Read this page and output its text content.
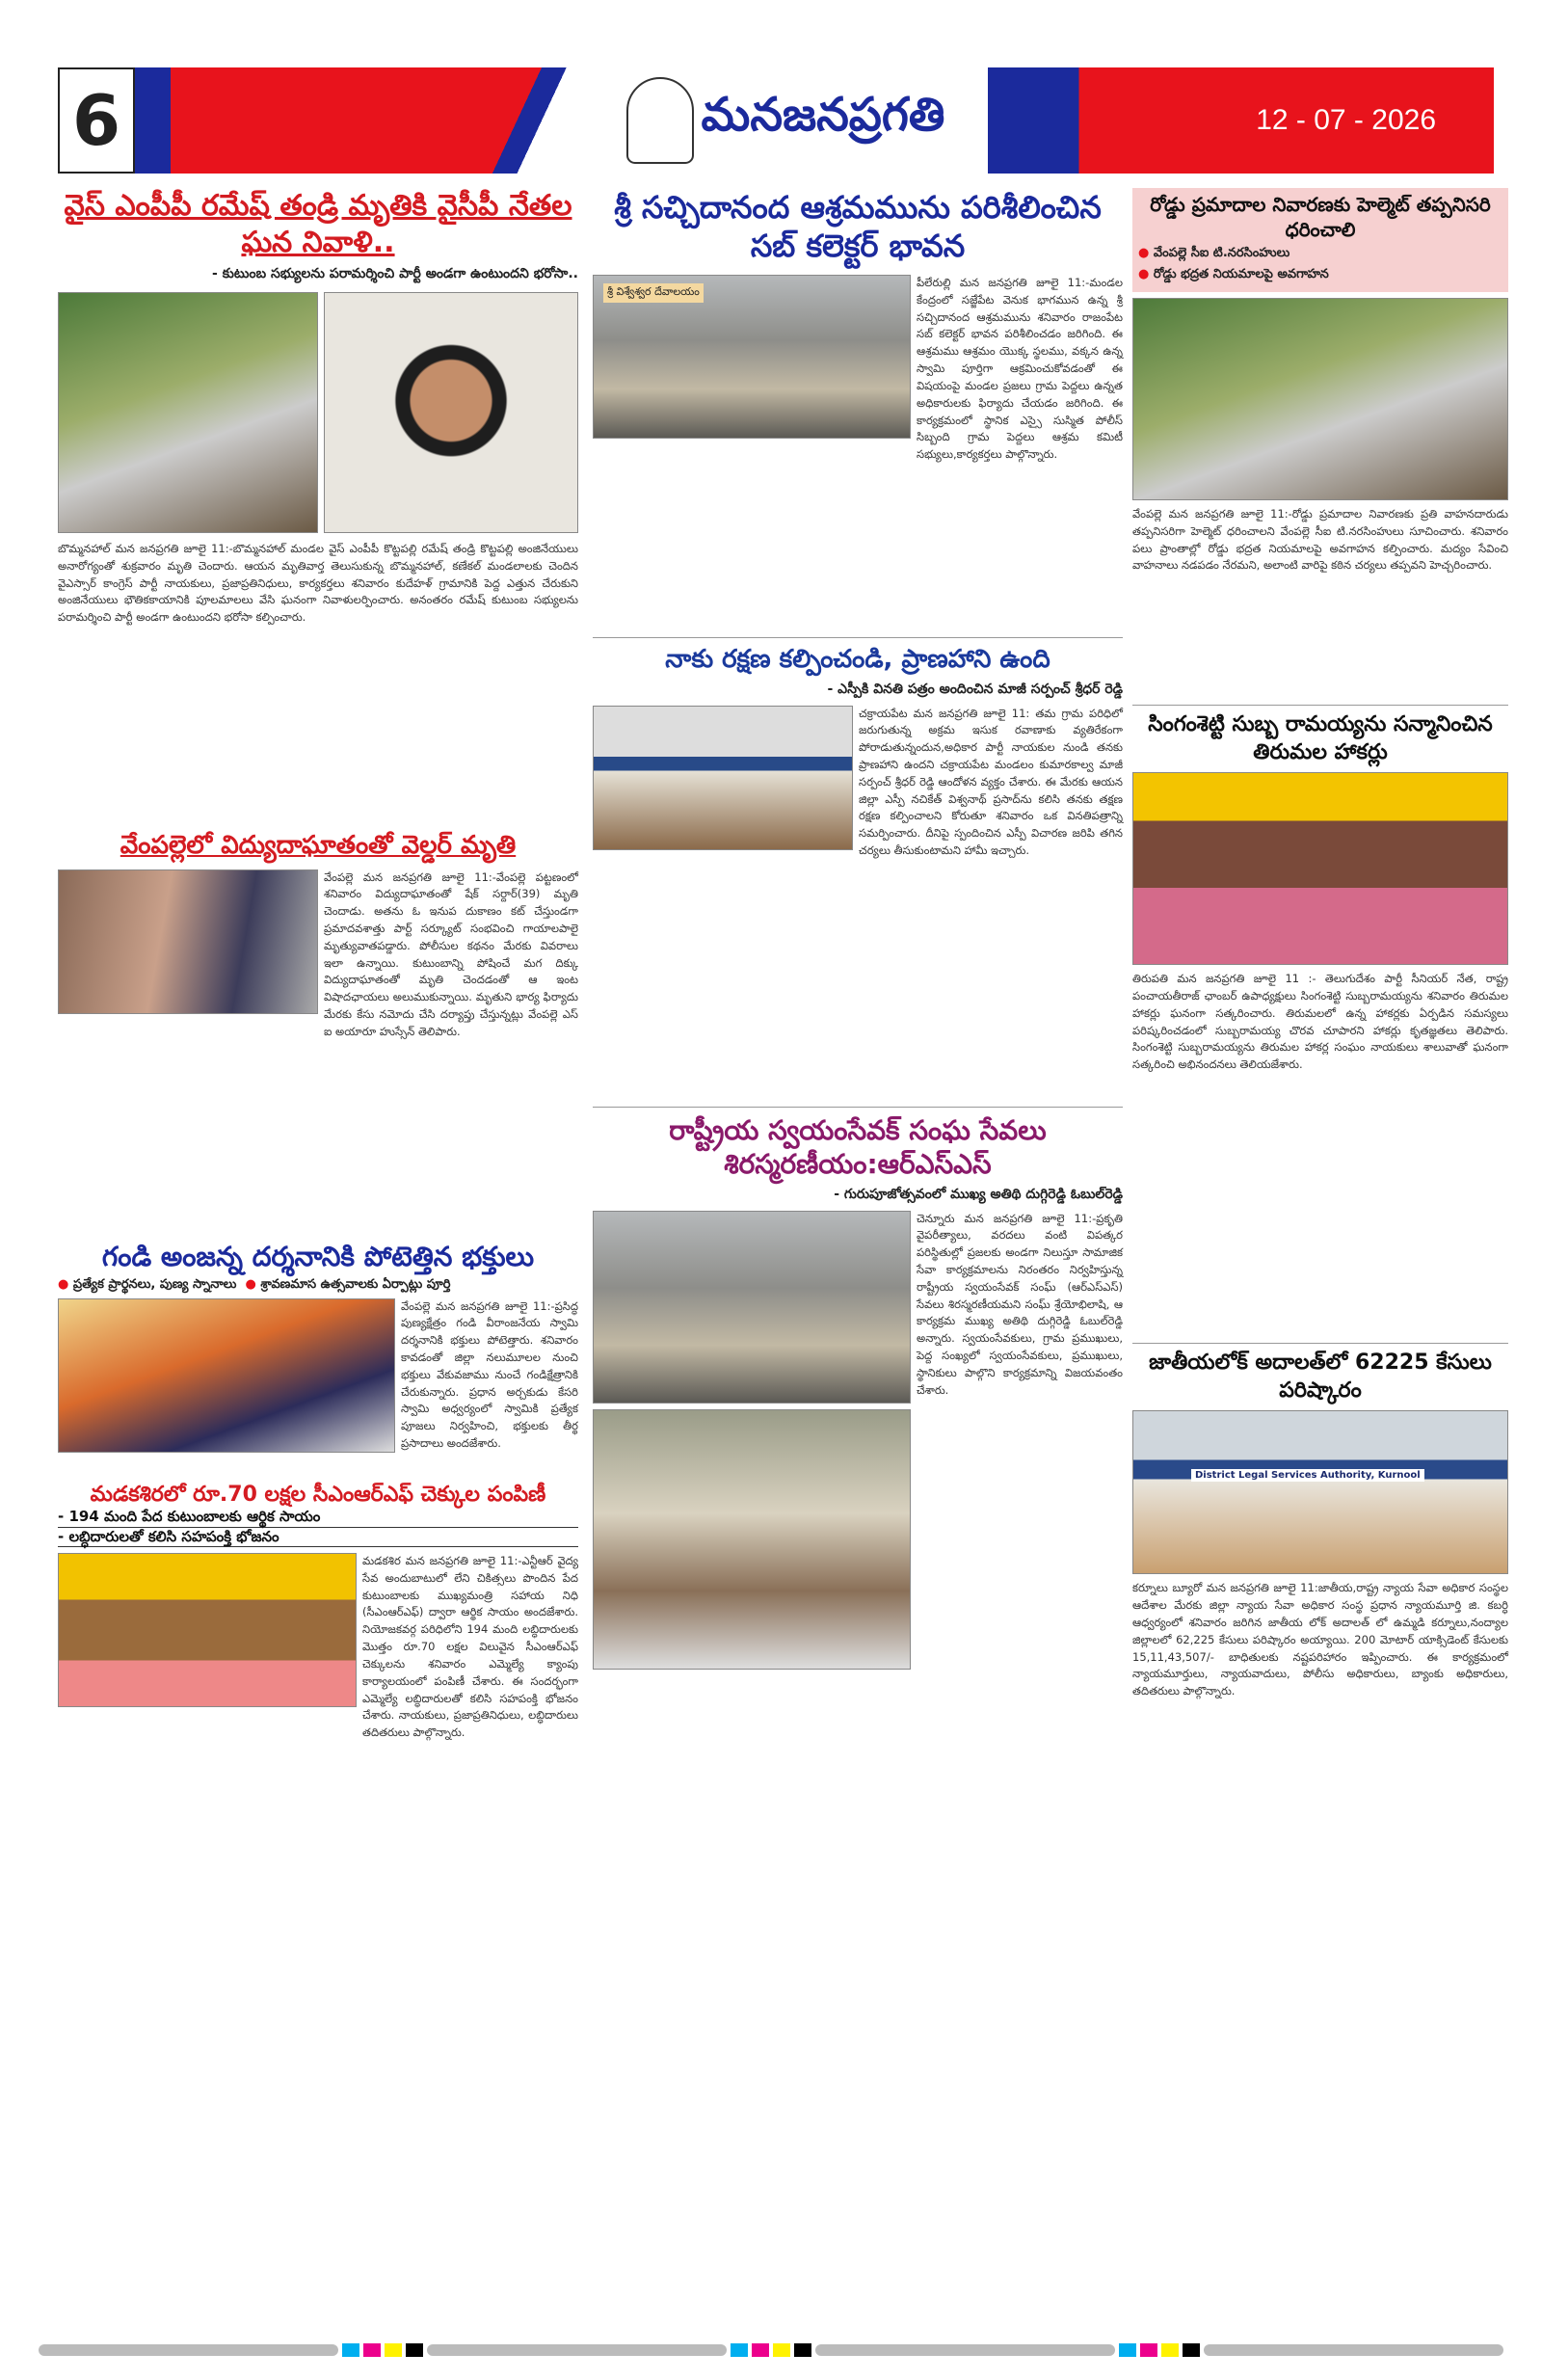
6	మనజనప్రగతి	12 - 07 - 2026
వైస్ ఎంపీపీ రమేష్ తండ్రి మృతికి వైసీపీ నేతల ఘన నివాళి..
- కుటుంబ సభ్యులను పరామర్శించి పార్టీ అండగా ఉంటుందని భరోసా..
బొమ్మనహాల్ మన జనప్రగతి జూలై 11:-బొమ్మనహాల్ మండల వైస్ ఎంపీపీ కొట్టపల్లి రమేష్ తండ్రి కొట్టపల్లి అంజినేయులు అనారోగ్యంతో శుక్రవారం మృతి చెందారు. ఆయన మృతివార్త తెలుసుకున్న బొమ్మనహాల్, కణేకల్ మండలాలకు చెందిన వైఎస్సార్ కాంగ్రెస్ పార్టీ నాయకులు, ప్రజాప్రతినిధులు, కార్యకర్తలు శనివారం కుదేహళ్ గ్రామానికి పెద్ద ఎత్తున చేరుకుని అంజినేయులు భౌతికకాయానికి పూలమాలలు వేసి ఘనంగా నివాళులర్పించారు. అనంతరం రమేష్ కుటుంబ సభ్యులను పరామర్శించి పార్టీ అండగా ఉంటుందని భరోసా కల్పించారు.
వేంపల్లెలో విద్యుదాఘాతంతో వెల్డర్ మృతి
వేంపల్లె మన జనప్రగతి జూలై 11:-వేంపల్లె పట్టణంలో శనివారం విద్యుదాఘాతంతో షేక్ సర్దార్(39) మృతి చెందాడు. అతను ఓ ఇనుప దుకాణం కట్ చేస్తుండగా ప్రమాదవశాత్తు పార్ట్ సర్క్యూట్ సంభవించి గాయాలపాలై మృత్యువాతపడ్డారు. పోలీసుల కథనం మేరకు వివరాలు ఇలా ఉన్నాయి. కుటుంబాన్ని పోషించే మగ దిక్కు విద్యుదాఘాతంతో మృతి చెందడంతో ఆ ఇంట విషాదఛాయలు అలుముకున్నాయి. మృతుని భార్య ఫిర్యాదు మేరకు కేసు నమోదు చేసి దర్యాప్తు చేస్తున్నట్లు వేంపల్లె ఎస్ ఐ అయారూ హుస్సేన్ తెలిపారు.
గండి అంజన్న దర్శనానికి పోటెత్తిన భక్తులు
● ప్రత్యేక ప్రార్థనలు, పుణ్య స్నానాలు ● శ్రావణమాస ఉత్సవాలకు ఏర్పాట్లు పూర్తి
వేంపల్లె మన జనప్రగతి జూలై 11:-ప్రసిద్ధ పుణ్యక్షేత్రం గండి వీరాంజనేయ స్వామి దర్శనానికి భక్తులు పోటెత్తారు. శనివారం కావడంతో జిల్లా నలుమూలల నుంచి భక్తులు వేకువజాము నుంచే గండిక్షేత్రానికి చేరుకున్నారు. ప్రధాన అర్చకుడు కేసరి స్వామి అధ్వర్యంలో స్వామికి ప్రత్యేక పూజలు నిర్వహించి, భక్తులకు తీర్థ ప్రసాదాలు అందజేశారు.
మడకశిరలో రూ.70 లక్షల సీఎంఆర్ఎఫ్ చెక్కుల పంపిణీ
- 194 మంది పేద కుటుంబాలకు ఆర్థిక సాయం
- లబ్ధిదారులతో కలిసి సహపంక్తి భోజనం
మడకశిర మన జనప్రగతి జూలై 11:-ఎన్టీఆర్ వైద్య సేవ అందుబాటులో లేని చికిత్సలు పొందిన పేద కుటుంబాలకు ముఖ్యమంత్రి సహాయ నిధి (సీఎంఆర్ఎఫ్) ద్వారా ఆర్థిక సాయం అందజేశారు. నియోజకవర్గ పరిధిలోని 194 మంది లబ్ధిదారులకు మొత్తం రూ.70 లక్షల విలువైన సీఎంఆర్ఎఫ్ చెక్కులను శనివారం ఎమ్మెల్యే క్యాంపు కార్యాలయంలో పంపిణీ చేశారు. ఈ సందర్భంగా ఎమ్మెల్యే లబ్ధిదారులతో కలిసి సహపంక్తి భోజనం చేశారు. నాయకులు, ప్రజాప్రతినిధులు, లబ్ధిదారులు తదితరులు పాల్గొన్నారు.
శ్రీ సచ్చిదానంద ఆశ్రమమును పరిశీలించిన సబ్ కలెక్టర్ భావన
శ్రీ విశ్వేశ్వర దేవాలయం
పీలేరుల్లి మన జనప్రగతి జూలై 11:-మండల కేంద్రంలో సజ్జేపేట వెనుక భాగమున ఉన్న శ్రీ సచ్చిదానంద ఆశ్రమమును శనివారం రాజంపేట సబ్ కలెక్టర్ భావన పరిశీలించడం జరిగింది. ఈ ఆశ్రమము ఆశ్రమం యొక్క స్థలము, వక్కన ఉన్న స్వామి పూర్తిగా ఆక్రమించుకోవడంతో ఈ విషయంపై మండల ప్రజలు గ్రామ పెద్దలు ఉన్నత అధికారులకు ఫిర్యాదు చేయడం జరిగింది. ఈ కార్యక్రమంలో స్థానిక ఎస్సై సుస్మిత పోలీస్ సిబ్బంది గ్రామ పెద్దలు ఆశ్రమ కమిటీ సభ్యులు,కార్యకర్తలు పాల్గొన్నారు.
నాకు రక్షణ కల్పించండి, ప్రాణహాని ఉంది
- ఎస్పీకి వినతి పత్రం అందించిన మాజీ సర్పంచ్ శ్రీధర్ రెడ్డి
చక్రాయపేట మన జనప్రగతి జూలై 11: తమ గ్రామ పరిధిలో జరుగుతున్న అక్రమ ఇసుక రవాణాకు వ్యతిరేకంగా పోరాడుతున్నందున,అధికార పార్టీ నాయకుల నుండి తనకు ప్రాణహాని ఉందని చక్రాయపేట మండలం కుమారకాల్వ మాజీ సర్పంచ్ శ్రీధర్ రెడ్డి ఆందోళన వ్యక్తం చేశారు. ఈ మేరకు ఆయన జిల్లా ఎస్పీ నచికేత్ విశ్వనాథ్ ప్రసాద్‌ను కలిసి తనకు తక్షణ రక్షణ కల్పించాలని కోరుతూ శనివారం ఒక వినతిపత్రాన్ని సమర్పించారు. దీనిపై స్పందించిన ఎస్పీ విచారణ జరిపి తగిన చర్యలు తీసుకుంటామని హామీ ఇచ్చారు.
రాష్ట్రీయ స్వయంసేవక్ సంఘ సేవలు శిరస్మరణీయం:ఆర్ఎస్ఎస్
- గురుపూజోత్సవంలో ముఖ్య అతిథి దుగ్గిరెడ్డి ఓబుల్‌రెడ్డి
చెన్నూరు మన జనప్రగతి జూలై 11:-ప్రకృతి వైపరీత్యాలు, వరదలు వంటి విపత్కర పరిస్థితుల్లో ప్రజలకు అండగా నిలుస్తూ సామాజిక సేవా కార్యక్రమాలను నిరంతరం నిర్వహిస్తున్న రాష్ట్రీయ స్వయంసేవక్ సంఘ్ (ఆర్ఎస్ఎస్) సేవలు శిరస్మరణీయమని సంఘ్ శ్రేయోభిలాషి, ఆ కార్యక్రమ ముఖ్య అతిథి దుగ్గిరెడ్డి ఓబుల్‌రెడ్డి అన్నారు. స్వయంసేవకులు, గ్రామ ప్రముఖులు, పెద్ద సంఖ్యలో స్వయంసేవకులు, ప్రముఖులు, స్థానికులు పాల్గొని కార్యక్రమాన్ని విజయవంతం చేశారు.
రోడ్డు ప్రమాదాల నివారణకు హెల్మెట్ తప్పనిసరి ధరించాలి
● వేంపల్లె సీఐ టి.నరసింహులు
● రోడ్డు భద్రత నియమాలపై అవగాహన
వేంపల్లె మన జనప్రగతి జూలై 11:-రోడ్డు ప్రమాదాల నివారణకు ప్రతి వాహనదారుడు తప్పనిసరిగా హెల్మెట్ ధరించాలని వేంపల్లె సీఐ టి.నరసింహులు సూచించారు. శనివారం పలు ప్రాంతాల్లో రోడ్డు భద్రత నియమాలపై అవగాహన కల్పించారు. మద్యం సేవించి వాహనాలు నడపడం నేరమని, అలాంటి వారిపై కఠిన చర్యలు తప్పవని హెచ్చరించారు.
సింగంశెట్టి సుబ్బ రామయ్యను సన్మానించిన తిరుమల హాకర్లు
తిరుపతి మన జనప్రగతి జూలై 11 :- తెలుగుదేశం పార్టీ సీనియర్ నేత, రాష్ట్ర పంచాయతీరాజ్ ఛాంబర్ ఉపాధ్యక్షులు సింగంశెట్టి సుబ్బరామయ్యను శనివారం తిరుమల హాకర్లు ఘనంగా సత్కరించారు. తిరుమలలో ఉన్న హాకర్లకు ఏర్పడిన సమస్యలు పరిష్కరించడంలో సుబ్బరామయ్య చొరవ చూపారని హాకర్లు కృతజ్ఞతలు తెలిపారు. సింగంశెట్టి సుబ్బరామయ్యను తిరుమల హాకర్ల సంఘం నాయకులు శాలువాతో ఘనంగా సత్కరించి అభినందనలు తెలియజేశారు.
జాతీయలోక్ అదాలత్‌లో 62225 కేసులు పరిష్కారం
District Legal Services Authority, Kurnool
కర్నూలు బ్యూరో మన జనప్రగతి జూలై 11:జాతీయ,రాష్ట్ర న్యాయ సేవా అధికార సంస్థల ఆదేశాల మేరకు జిల్లా న్యాయ సేవా అధికార సంస్థ ప్రధాన న్యాయమూర్తి జి. కబర్ధి ఆధ్వర్యంలో శనివారం జరిగిన జాతీయ లోక్ అదాలత్ లో ఉమ్మడి కర్నూలు,నంద్యాల జిల్లాలలో 62,225 కేసులు పరిష్కారం అయ్యాయి. 200 మోటార్ యాక్సిడెంట్ కేసులకు 15,11,43,507/- బాధితులకు నష్టపరిహారం ఇప్పించారు. ఈ కార్యక్రమంలో న్యాయమూర్తులు, న్యాయవాదులు, పోలీసు అధికారులు, బ్యాంకు అధికారులు, తదితరులు పాల్గొన్నారు.
